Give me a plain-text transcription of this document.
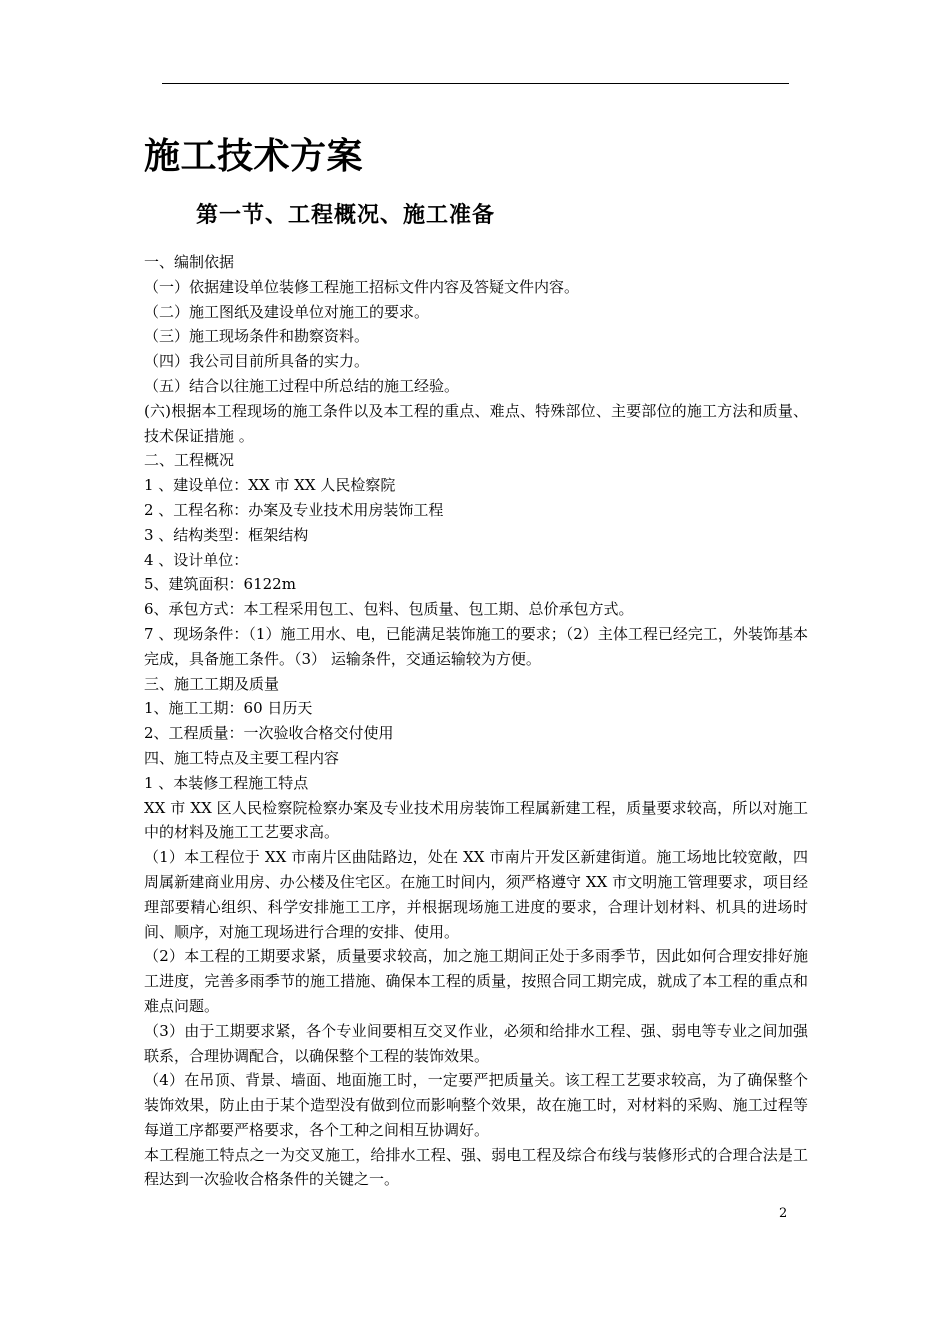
施工技术方案
第一节、工程概况、施工准备

一、编制依据

（一）依据建设单位装修工程施工招标文件内容及答疑文件内容。

（二）施工图纸及建设单位对施工的要求。

（三）施工现场条件和勘察资料。

（四）我公司目前所具备的实力。

（五）结合以往施工过程中所总结的施工经验。

(六)根据本工程现场的施工条件以及本工程的重点、难点、特殊部位、主要部位的施工方法和质量、技术保证措施 。

二、工程概况

1 、建设单位：XX 市 XX 人民检察院

2 、工程名称：办案及专业技术用房装饰工程

3 、结构类型：框架结构

4 、设计单位：

5、建筑面积：6122m

6、承包方式：本工程采用包工、包料、包质量、包工期、总价承包方式。

7 、现场条件：（1）施工用水、电，已能满足装饰施工的要求；（2）主体工程已经完工，外装饰基本完成，具备施工条件。（3） 运输条件，交通运输较为方便。

三、施工工期及质量

1、施工工期：60 日历天

2、工程质量：一次验收合格交付使用

四、施工特点及主要工程内容

1 、本装修工程施工特点

XX 市 XX 区人民检察院检察办案及专业技术用房装饰工程属新建工程，质量要求较高，所以对施工中的材料及施工工艺要求高。

（1）本工程位于 XX 市南片区曲陆路边，处在 XX 市南片开发区新建街道。施工场地比较宽敞，四周属新建商业用房、办公楼及住宅区。在施工时间内，须严格遵守 XX 市文明施工管理要求，项目经理部要精心组织、科学安排施工工序，并根据现场施工进度的要求，合理计划材料、机具的进场时间、顺序，对施工现场进行合理的安排、使用。

（2）本工程的工期要求紧，质量要求较高，加之施工期间正处于多雨季节，因此如何合理安排好施工进度，完善多雨季节的施工措施、确保本工程的质量，按照合同工期完成，就成了本工程的重点和难点问题。

（3）由于工期要求紧，各个专业间要相互交叉作业，必须和给排水工程、强、弱电等专业之间加强联系，合理协调配合，以确保整个工程的装饰效果。

（4）在吊顶、背景、墙面、地面施工时，一定要严把质量关。该工程工艺要求较高，为了确保整个装饰效果，防止由于某个造型没有做到位而影响整个效果，故在施工时，对材料的采购、施工过程等每道工序都要严格要求，各个工种之间相互协调好。

本工程施工特点之一为交叉施工，给排水工程、强、弱电工程及综合布线与装修形式的合理合法是工程达到一次验收合格条件的关键之一。

2
